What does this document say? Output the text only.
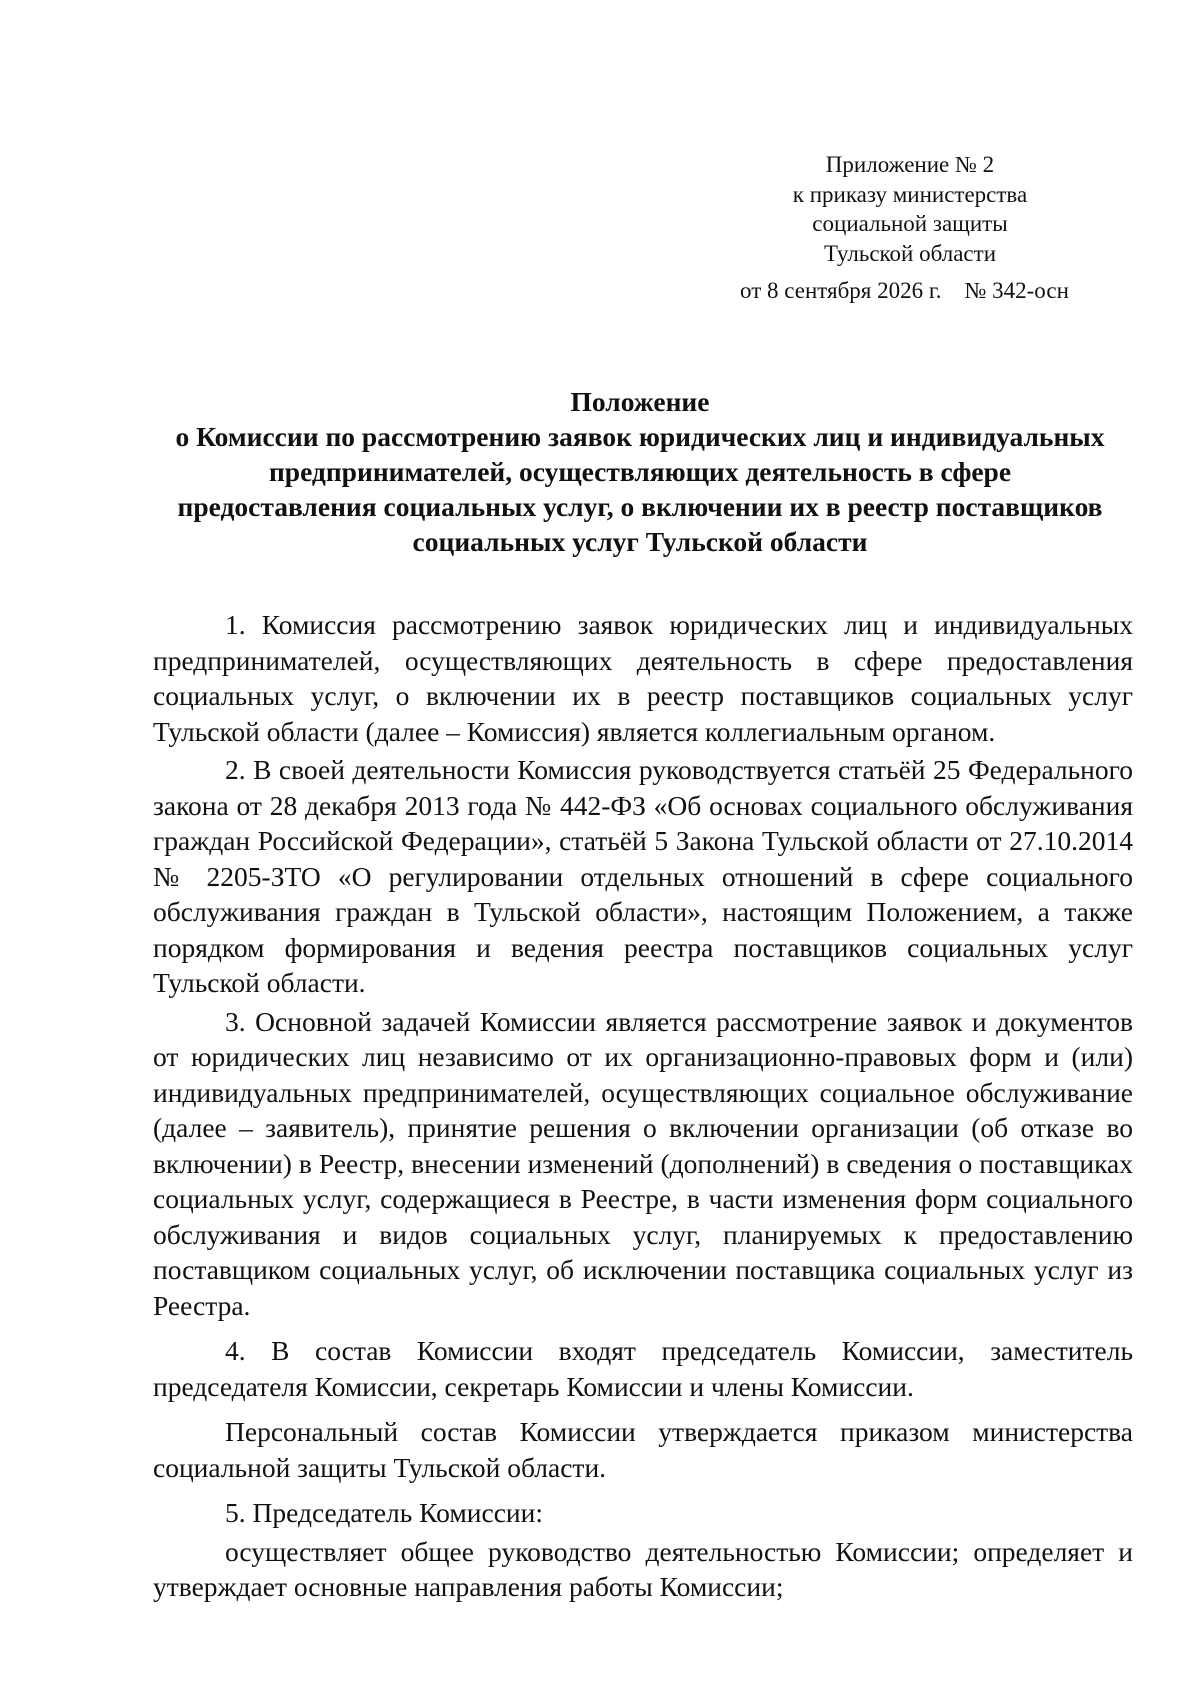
Приложение № 2
к приказу министерства
социальной защиты
Тульской области
от 8 сентября 2026 г.    № 342-осн
Положение
о Комиссии по рассмотрению заявок юридических лиц и индивидуальных
предпринимателей, осуществляющих деятельность в сфере
предоставления социальных услуг, о включении их в реестр поставщиков
социальных услуг Тульской области

1. Комиссия рассмотрению заявок юридических лиц и индивидуальных предпринимателей, осуществляющих деятельность в сфере предоставления социальных услуг, о включении их в реестр поставщиков социальных услуг Тульской области (далее – Комиссия) является коллегиальным органом.

2. В своей деятельности Комиссия руководствуется статьёй 25 Федерального закона от 28 декабря 2013 года № 442-ФЗ «Об основах социального обслуживания граждан Российской Федерации», статьёй 5 Закона Тульской области от 27.10.2014 № 2205-ЗТО «О регулировании отдельных отношений в сфере социального обслуживания граждан в Тульской области», настоящим Положением, а также порядком формирования и ведения реестра поставщиков социальных услуг Тульской области.

3. Основной задачей Комиссии является рассмотрение заявок и документов от юридических лиц независимо от их организационно-правовых форм и (или) индивидуальных предпринимателей, осуществляющих социальное обслуживание (далее – заявитель), принятие решения о включении организации (об отказе во включении) в Реестр, внесении изменений (дополнений) в сведения о поставщиках социальных услуг, содержащиеся в Реестре, в части изменения форм социального обслуживания и видов социальных услуг, планируемых к предоставлению поставщиком социальных услуг, об исключении поставщика социальных услуг из Реестра.

4. В состав Комиссии входят председатель Комиссии, заместитель председателя Комиссии, секретарь Комиссии и члены Комиссии.

Персональный состав Комиссии утверждается приказом министерства социальной защиты Тульской области.

5. Председатель Комиссии:

осуществляет общее руководство деятельностью Комиссии; определяет и утверждает основные направления работы Комиссии;
